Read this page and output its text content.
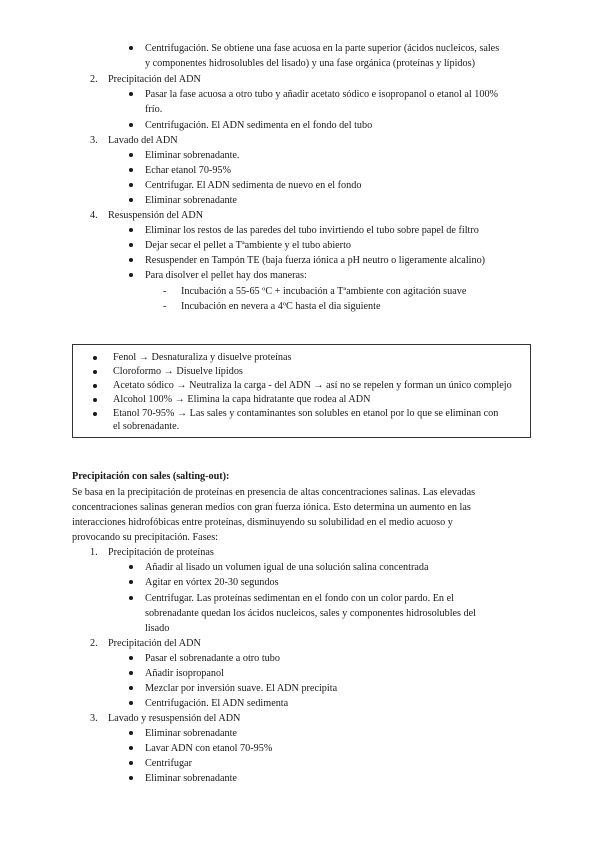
Centrifugación. Se obtiene una fase acuosa en la parte superior (ácidos nucleicos, sales
y componentes hidrosolubles del lisado) y una fase orgánica (proteínas y lípidos)
2. Precipitación del ADN
Pasar la fase acuosa a otro tubo y añadir acetato sódico e isopropanol o etanol al 100%
frío.
Centrifugación. El ADN sedimenta en el fondo del tubo
3. Lavado del ADN
Eliminar sobrenadante.
Echar etanol 70-95%
Centrifugar. El ADN sedimenta de nuevo en el fondo
Eliminar sobrenadante
4. Resuspensión del ADN
Eliminar los restos de las paredes del tubo invirtiendo el tubo sobre papel de filtro
Dejar secar el pellet a Tªambiente y el tubo abierto
Resuspender en Tampón TE (baja fuerza iónica a pH neutro o ligeramente alcalino)
Para disolver el pellet hay dos maneras:
- Incubación a 55-65 ºC + incubación a Tªambiente con agitación suave
- Incubación en nevera a 4ºC hasta el dia siguiente
Fenol → Desnaturaliza y disuelve proteínas
Cloroformo → Disuelve lípidos
Acetato sódico → Neutraliza la carga - del ADN → así no se repelen y forman un único complejo
Alcohol 100% → Elimina la capa hidratante que rodea al ADN
Etanol 70-95% → Las sales y contaminantes son solubles en etanol por lo que se eliminan con
el sobrenadante.
Precipitación con sales (salting-out):
Se basa en la precipitación de proteínas en presencia de altas concentraciones salinas. Las elevadas
concentraciones salinas generan medios con gran fuerza iónica. Esto determina un aumento en las
interacciones hidrofóbicas entre proteínas, disminuyendo su solubilidad en el medio acuoso y
provocando su precipitación. Fases:
1. Precipitación de proteínas
Añadir al lisado un volumen igual de una solución salina concentrada
Agitar en vórtex 20-30 segundos
Centrifugar. Las proteínas sedimentan en el fondo con un color pardo. En el
sobrenadante quedan los ácidos nucleicos, sales y componentes hidrosolubles del
lisado
2. Precipitación del ADN
Pasar el sobrenadante a otro tubo
Añadir isopropanol
Mezclar por inversión suave. El ADN precipita
Centrifugación. El ADN sedimenta
3. Lavado y resuspensión del ADN
Eliminar sobrenadante
Lavar ADN con etanol 70-95%
Centrifugar
Eliminar sobrenadante
